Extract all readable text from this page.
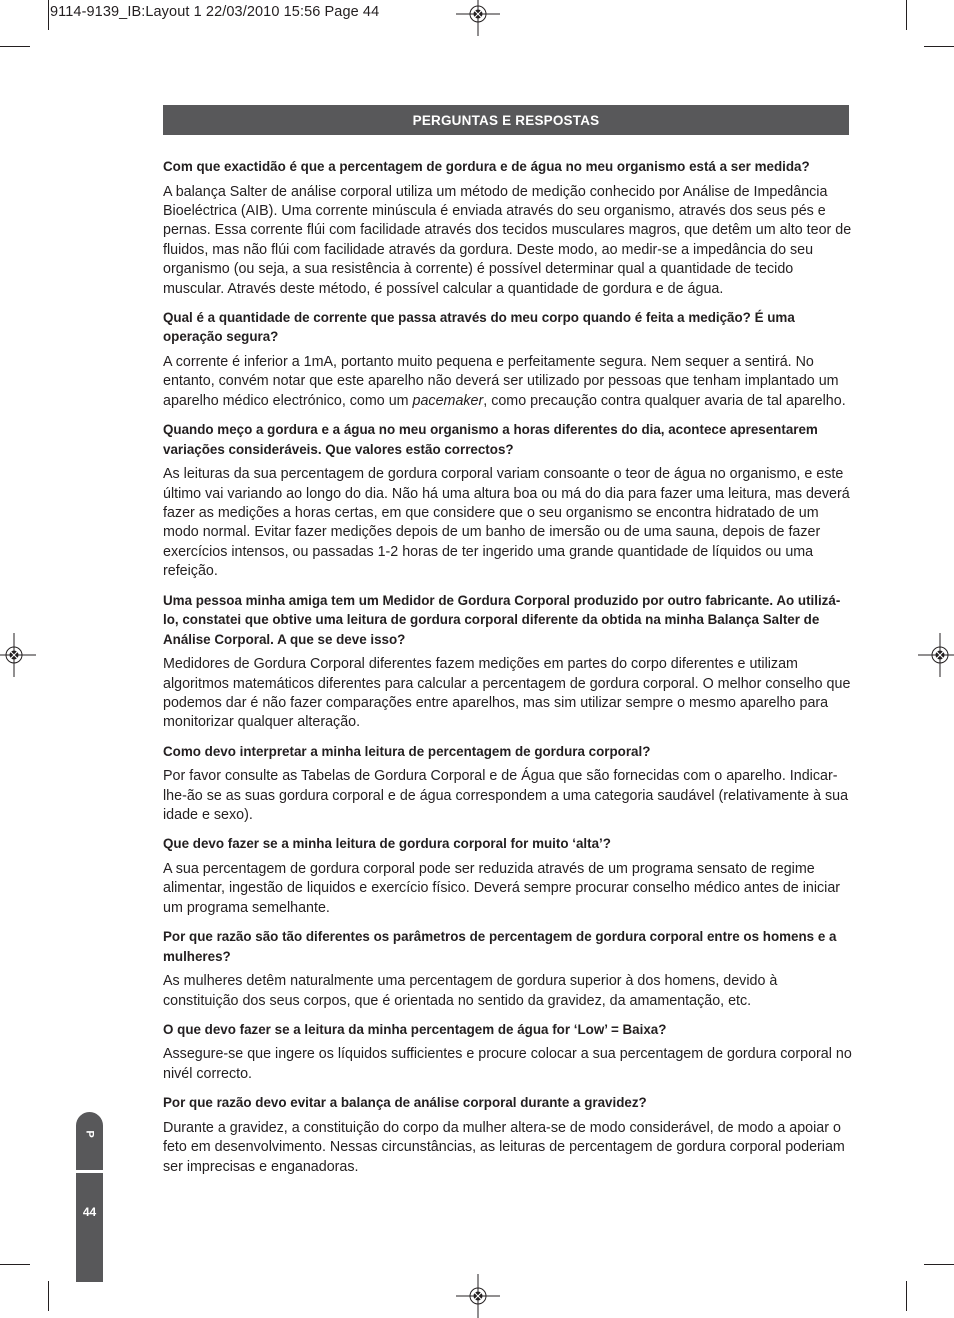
9114-9139_IB:Layout 1 22/03/2010 15:56 Page 44
PERGUNTAS E RESPOSTAS

Com que exactidão é que a percentagem de gordura e de água no meu organismo está a ser medida?

A balança Salter de análise corporal utiliza um método de medição conhecido por Análise de Impedância Bioeléctrica (AIB). Uma corrente minúscula é enviada através do seu organismo, através dos seus pés e pernas. Essa corrente flúi com facilidade através dos tecidos musculares magros, que detêm um alto teor de fluidos, mas não flúi com facilidade através da gordura. Deste modo, ao medir-se a impedância do seu organismo (ou seja, a sua resistência à corrente) é possível determinar qual a quantidade de tecido muscular. Através deste método, é possível calcular a quantidade de gordura e de água.

Qual é a quantidade de corrente que passa através do meu corpo quando é feita a medição? É uma operação segura?

A corrente é inferior a 1mA, portanto muito pequena e perfeitamente segura. Nem sequer a sentirá. No entanto, convém notar que este aparelho não deverá ser utilizado por pessoas que tenham implantado um aparelho médico electrónico, como um pacemaker, como precaução contra qualquer avaria de tal aparelho.

Quando meço a gordura e a água no meu organismo a horas diferentes do dia, acontece apresentarem variações consideráveis. Que valores estão correctos?

As leituras da sua percentagem de gordura corporal variam consoante o teor de água no organismo, e este último vai variando ao longo do dia. Não há uma altura boa ou má do dia para fazer uma leitura, mas deverá fazer as medições a horas certas, em que considere que o seu organismo se encontra hidratado de um modo normal. Evitar fazer medições depois de um banho de imersão ou de uma sauna, depois de fazer exercícios intensos, ou passadas 1-2 horas de ter ingerido uma grande quantidade de líquidos ou uma refeição.

Uma pessoa minha amiga tem um Medidor de Gordura Corporal produzido por outro fabricante. Ao utilizá-lo, constatei que obtive uma leitura de gordura corporal diferente da obtida na minha Balança Salter de Análise Corporal. A que se deve isso?

Medidores de Gordura Corporal diferentes fazem medições em partes do corpo diferentes e utilizam algoritmos matemáticos diferentes para calcular a percentagem de gordura corporal. O melhor conselho que podemos dar é não fazer comparações entre aparelhos, mas sim utilizar sempre o mesmo aparelho para monitorizar qualquer alteração.

Como devo interpretar a minha leitura de percentagem de gordura corporal?

Por favor consulte as Tabelas de Gordura Corporal e de Água que são fornecidas com o aparelho. Indicar-lhe-ão se as suas gordura corporal e de água correspondem a uma categoria saudável (relativamente à sua idade e sexo).

Que devo fazer se a minha leitura de gordura corporal for muito ‘alta’?

A sua percentagem de gordura corporal pode ser reduzida através de um programa sensato de regime alimentar, ingestão de liquidos e exercício físico. Deverá sempre procurar conselho médico antes de iniciar um programa semelhante.

Por que razão são tão diferentes os parâmetros de percentagem de gordura corporal entre os homens e a mulheres?

As mulheres detêm naturalmente uma percentagem de gordura superior à dos homens, devido à constituição dos seus corpos, que é orientada no sentido da gravidez, da amamentação, etc.

O que devo fazer se a leitura da minha percentagem de água for ‘Low’ = Baixa?

Assegure-se que ingere os líquidos sufficientes e procure colocar a sua percentagem de gordura corporal no nivél correcto.

Por que razão devo evitar a balança de análise corporal durante a gravidez?

Durante a gravidez, a constituição do corpo da mulher altera-se de modo considerável, de modo a apoiar o feto em desenvolvimento. Nessas circunstâncias, as leituras de percentagem de gordura corporal poderiam ser imprecisas e enganadoras.

P
44
